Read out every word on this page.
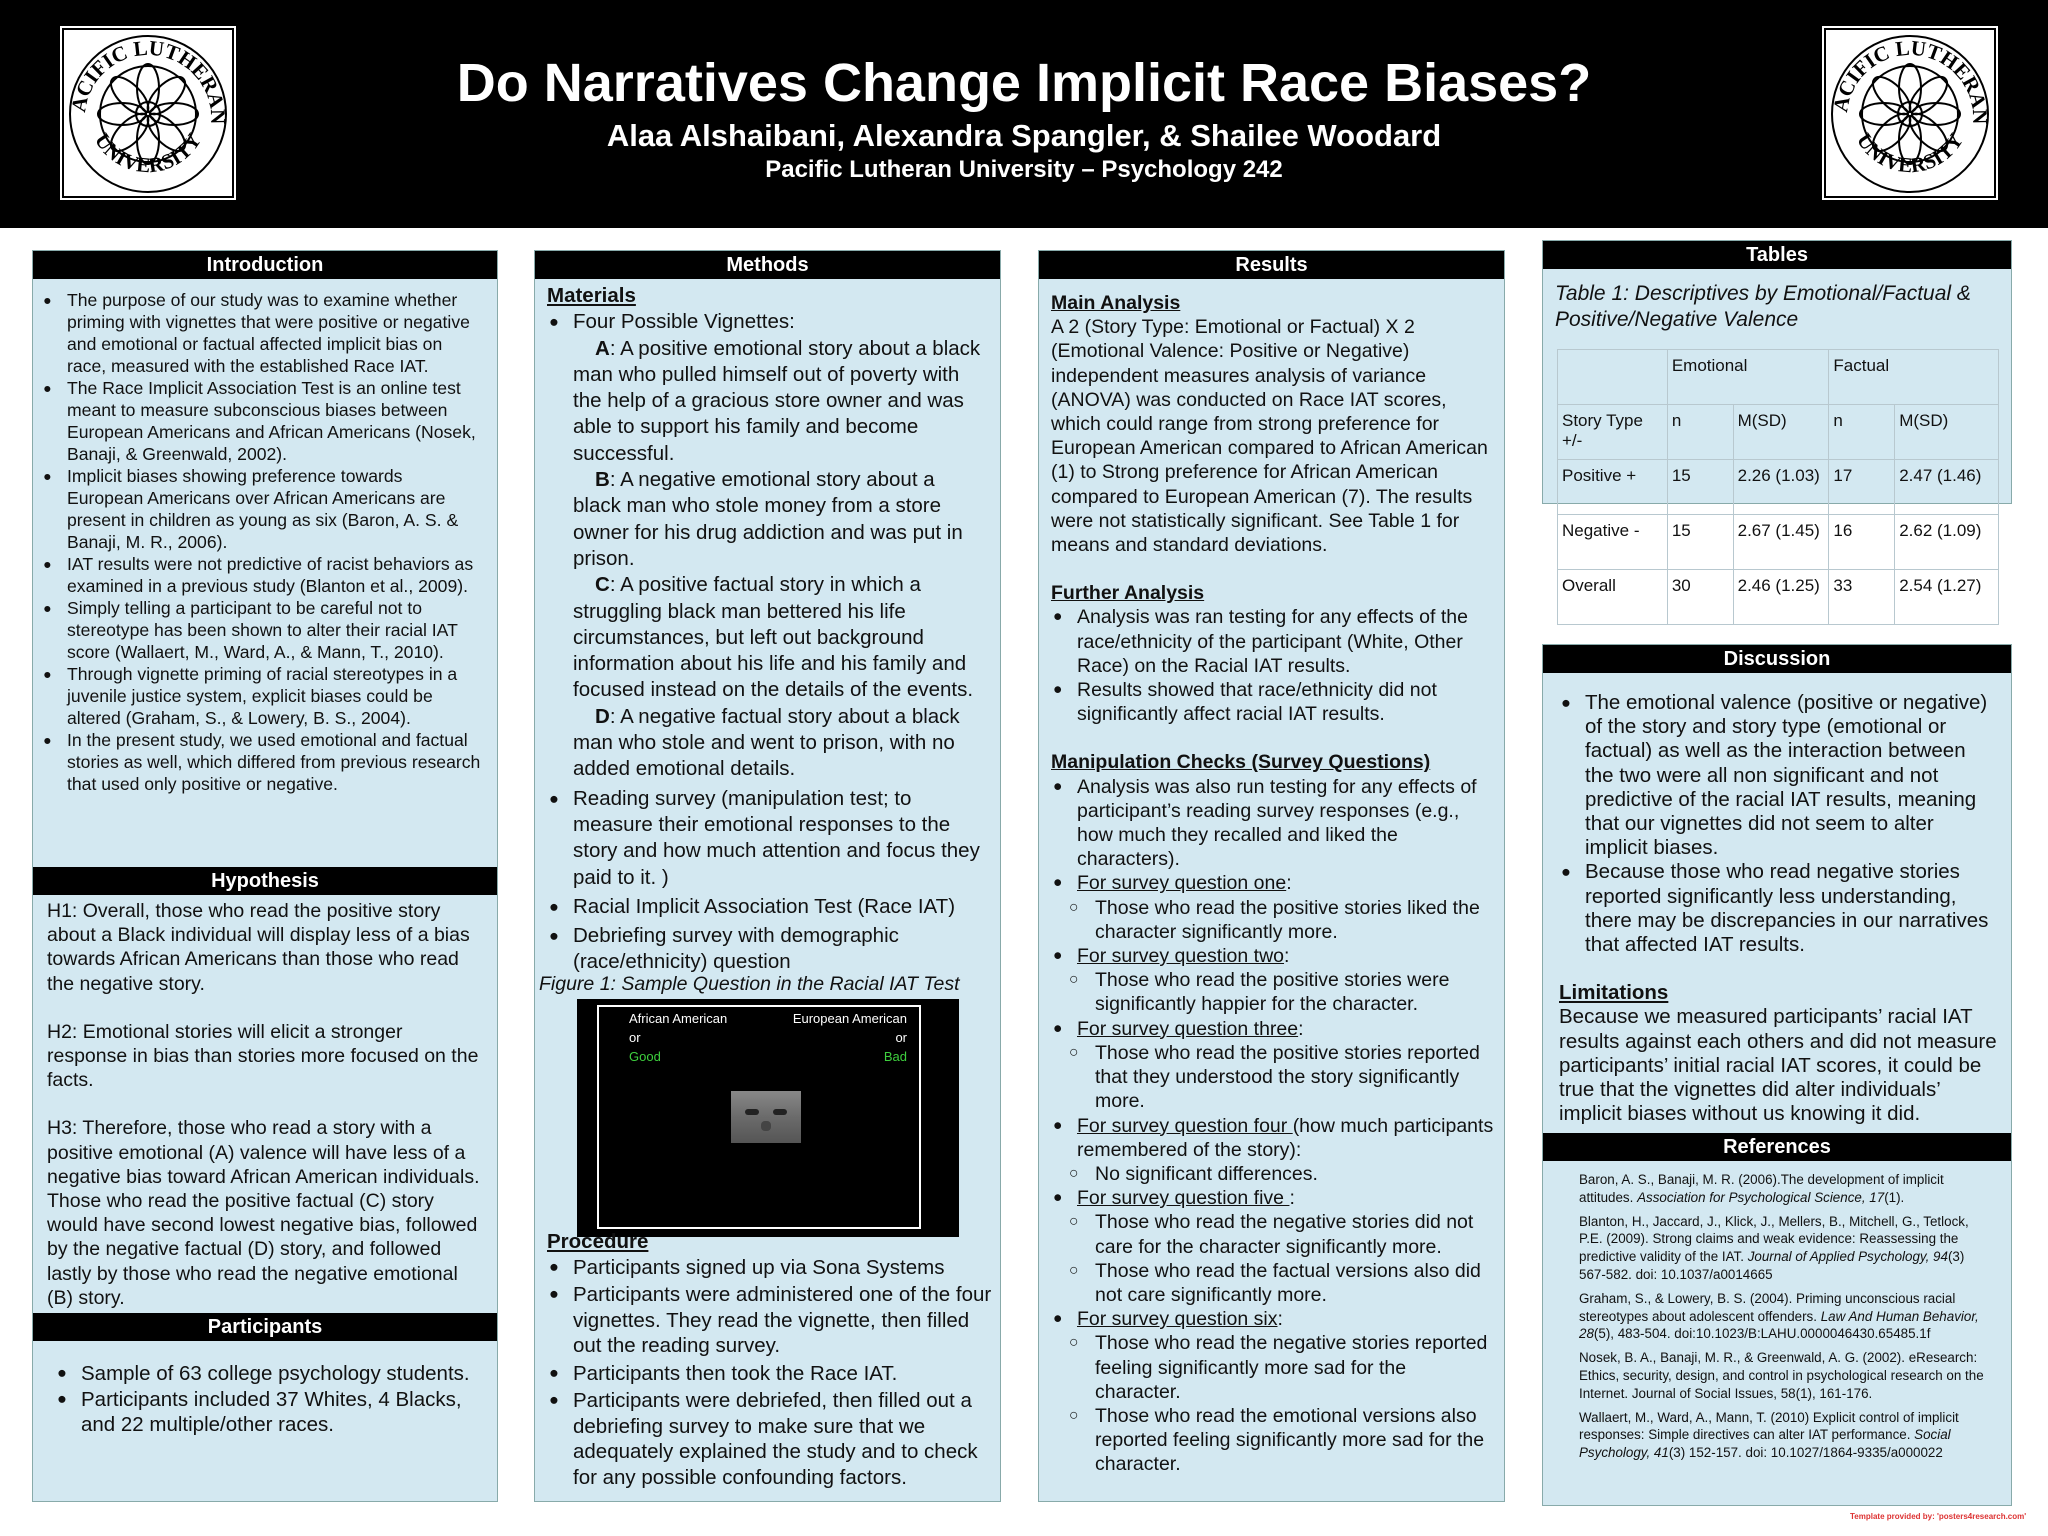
ACIFIC LUTHERAN
UNIVERSITY
Do Narratives Change Implicit Race Biases?
Alaa Alshaibani, Alexandra Spangler, & Shailee Woodard
Pacific Lutheran University – Psychology 242
ACIFIC LUTHERAN
UNIVERSITY
Introduction
● The purpose of our study was to examine whether priming with vignettes that were positive or negative and emotional or factual affected implicit bias on race, measured with the established Race IAT.
● The Race Implicit Association Test is an online test meant to measure subconscious biases between European Americans and African Americans (Nosek, Banaji, & Greenwald, 2002).
● Implicit biases showing preference towards European Americans over African Americans are present in children as young as six (Baron, A. S. & Banaji, M. R., 2006).
● IAT results were not predictive of racist behaviors as examined in a previous study (Blanton et al., 2009).
● Simply telling a participant to be careful not to stereotype has been shown to alter their racial IAT score (Wallaert, M., Ward, A., & Mann, T., 2010).
● Through vignette priming of racial stereotypes in a juvenile justice system, explicit biases could be altered (Graham, S., & Lowery, B. S., 2004).
● In the present study, we used emotional and factual stories as well, which differed from previous research that used only positive or negative.
Hypothesis
H1: Overall, those who read the positive story about a Black individual will display less of a bias towards African Americans than those who read the negative story.
H2: Emotional stories will elicit a stronger response in bias than stories more focused on the facts.
H3: Therefore, those who read a story with a positive emotional (A) valence will have less of a negative bias toward African American individuals. Those who read the positive factual (C) story would have second lowest negative bias, followed by the negative factual (D) story, and followed lastly by those who read the negative emotional (B) story.
Participants
● Sample of 63 college psychology students.
● Participants included 37 Whites, 4 Blacks, and 22 multiple/other races.
Methods
Materials
● Four Possible Vignettes:
A: A positive emotional story about a black man who pulled himself out of poverty with the help of a gracious store owner and was able to support his family and become successful.
B: A negative emotional story about a black man who stole money from a store owner for his drug addiction and was put in prison.
C: A positive factual story in which a struggling black man bettered his life circumstances, but left out background information about his life and his family and focused instead on the details of the events.
D: A negative factual story about a black man who stole and went to prison, with no added emotional details.
● Reading survey (manipulation test; to measure their emotional responses to the story and how much attention and focus they paid to it. )
● Racial Implicit Association Test (Race IAT)
● Debriefing survey with demographic (race/ethnicity) question
Figure 1: Sample Question in the Racial IAT Test
African American
or
Good
European American
or
Bad
Procedure
● Participants signed up via Sona Systems
● Participants were administered one of the four vignettes. They read the vignette, then filled out the reading survey.
● Participants then took the Race IAT.
● Participants were debriefed, then filled out a debriefing survey to make sure that we adequately explained the study and to check for any possible confounding factors.
Results
Main Analysis
A 2 (Story Type: Emotional or Factual) X 2 (Emotional Valence: Positive or Negative) independent measures analysis of variance (ANOVA) was conducted on Race IAT scores, which could range from strong preference for European American compared to African American (1) to Strong preference for African American compared to European American (7). The results were not statistically significant. See Table 1 for means and standard deviations.
Further Analysis
● Analysis was ran testing for any effects of the race/ethnicity of the participant (White, Other Race) on the Racial IAT results.
● Results showed that race/ethnicity did not significantly affect racial IAT results.
Manipulation Checks (Survey Questions)
● Analysis was also run testing for any effects of participant’s reading survey responses (e.g., how much they recalled and liked the characters).
● For survey question one:
○ Those who read the positive stories liked the character significantly more.
● For survey question two:
○ Those who read the positive stories were significantly happier for the character.
● For survey question three:
○ Those who read the positive stories reported that they understood the story significantly more.
● For survey question four (how much participants remembered of the story):
○ No significant differences.
● For survey question five :
○ Those who read the negative stories did not care for the character significantly more.
○ Those who read the factual versions also did not care significantly more.
● For survey question six:
○ Those who read the negative stories reported feeling significantly more sad for the character.
○ Those who read the emotional versions also reported feeling significantly more sad for the character.
Tables
Table 1: Descriptives by Emotional/Factual & Positive/Negative Valence
	Emotional		Factual	
Story Type +/-	n	M(SD)	n	M(SD)
Positive +	15	2.26 (1.03)	17	2.47 (1.46)
Negative -	15	2.67 (1.45)	16	2.62 (1.09)
Overall	30	2.46 (1.25)	33	2.54 (1.27)
Discussion
● The emotional valence (positive or negative) of the story and story type (emotional or factual) as well as the interaction between the two were all non significant and not predictive of the racial IAT results, meaning that our vignettes did not seem to alter implicit biases.
● Because those who read negative stories reported significantly less understanding, there may be discrepancies in our narratives that affected IAT results.
Limitations
Because we measured participants’ racial IAT results against each others and did not measure participants’ initial racial IAT scores, it could be true that the vignettes did alter individuals’ implicit biases without us knowing it did.
References
Baron, A. S., Banaji, M. R. (2006).The development of implicit attitudes. Association for Psychological Science, 17(1).
Blanton, H., Jaccard, J., Klick, J., Mellers, B., Mitchell, G., Tetlock, P.E. (2009). Strong claims and weak evidence: Reassessing the predictive validity of the IAT. Journal of Applied Psychology, 94(3) 567-582. doi: 10.1037/a0014665
Graham, S., & Lowery, B. S. (2004). Priming unconscious racial stereotypes about adolescent offenders. Law And Human Behavior, 28(5), 483-504. doi:10.1023/B:LAHU.0000046430.65485.1f
Nosek, B. A., Banaji, M. R., & Greenwald, A. G. (2002). eResearch: Ethics, security, design, and control in psychological research on the Internet. Journal of Social Issues, 58(1), 161-176.
Wallaert, M., Ward, A., Mann, T. (2010) Explicit control of implicit responses: Simple directives can alter IAT performance. Social Psychology, 41(3) 152-157. doi: 10.1027/1864-9335/a000022
Template provided by: 'posters4research.com'
